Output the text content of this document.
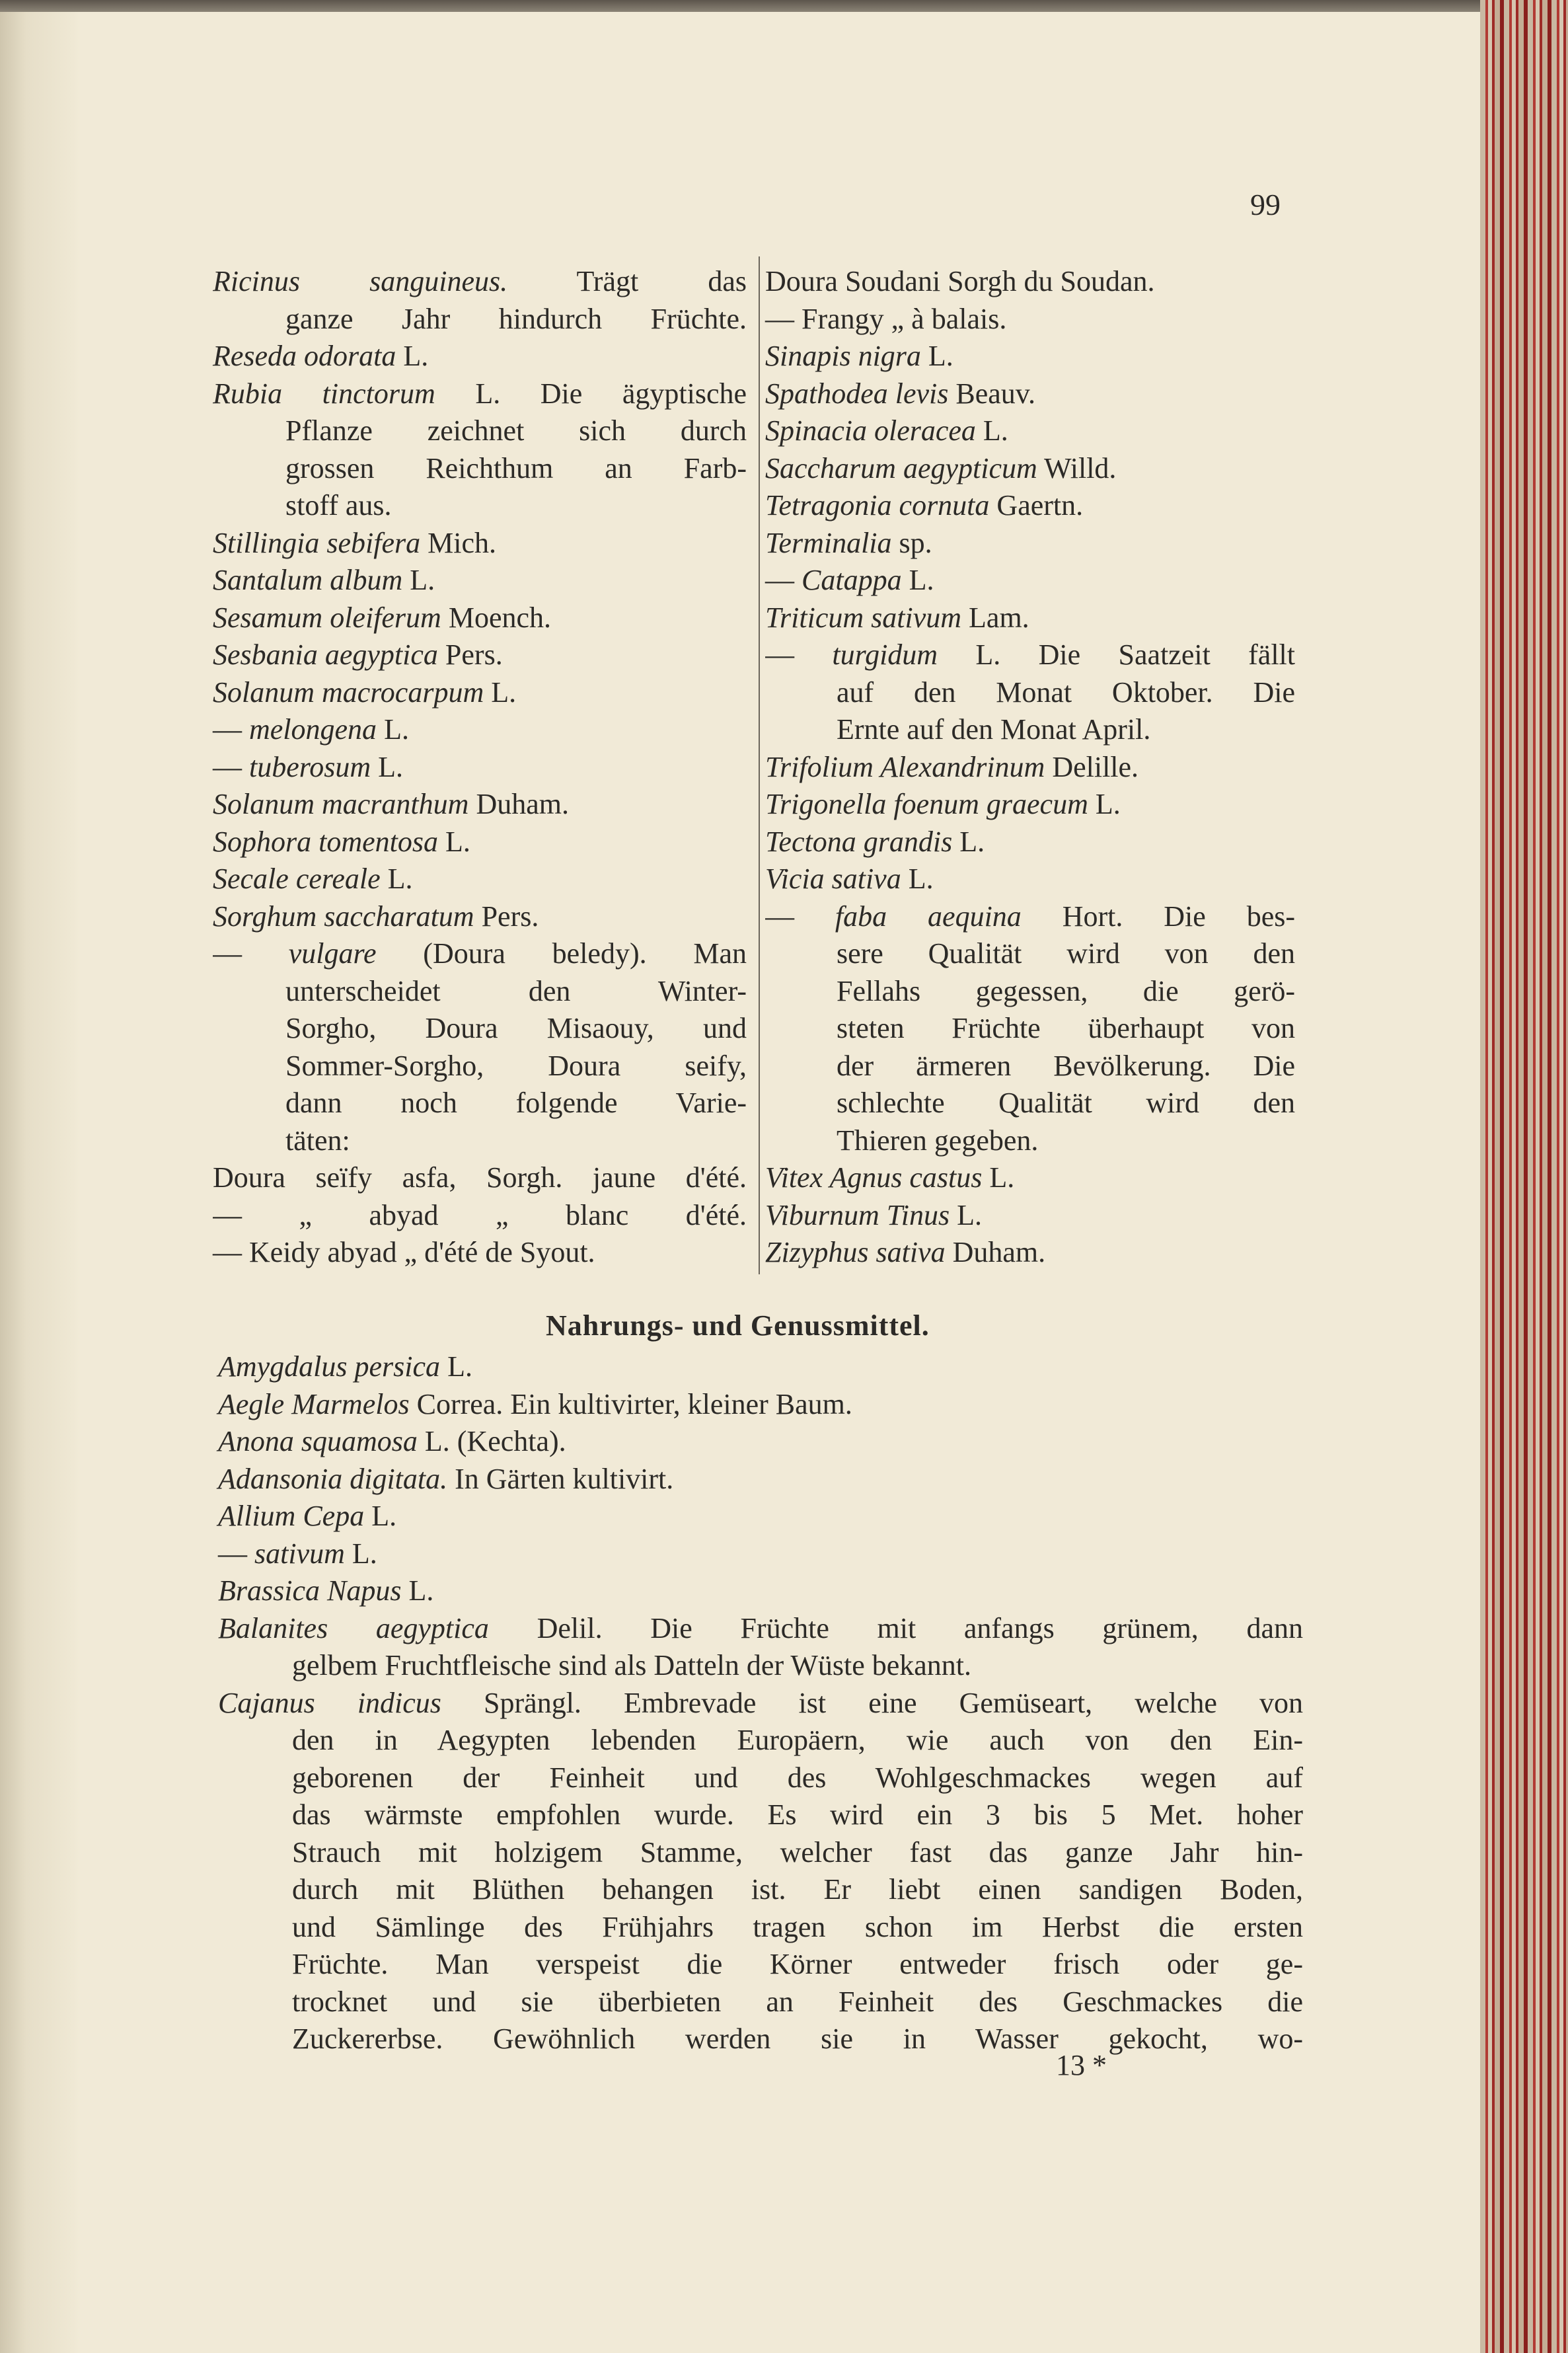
99
Ricinus sanguineus. Trägt das
ganze Jahr hindurch Früchte.
Reseda odorata L.
Rubia tinctorum L. Die ägyptische
Pflanze zeichnet sich durch
grossen Reichthum an Farb-
stoff aus.
Stillingia sebifera Mich.
Santalum album L.
Sesamum oleiferum Moench.
Sesbania aegyptica Pers.
Solanum macrocarpum L.
— melongena L.
— tuberosum L.
Solanum macranthum Duham.
Sophora tomentosa L.
Secale cereale L.
Sorghum saccharatum Pers.
— vulgare (Doura beledy). Man
unterscheidet den Winter-
Sorgho, Doura Misaouy, und
Sommer-Sorgho, Doura seify,
dann noch folgende Varie-
täten:
Doura seïfy asfa, Sorgh. jaune d'été.
— „ abyad „ blanc d'été.
— Keidy abyad „ d'été de Syout.
Doura Soudani Sorgh du Soudan.
— Frangy „ à balais.
Sinapis nigra L.
Spathodea levis Beauv.
Spinacia oleracea L.
Saccharum aegypticum Willd.
Tetragonia cornuta Gaertn.
Terminalia sp.
— Catappa L.
Triticum sativum Lam.
— turgidum L. Die Saatzeit fällt
auf den Monat Oktober. Die
Ernte auf den Monat April.
Trifolium Alexandrinum Delille.
Trigonella foenum graecum L.
Tectona grandis L.
Vicia sativa L.
— faba aequina Hort. Die bes-
sere Qualität wird von den
Fellahs gegessen, die gerö-
steten Früchte überhaupt von
der ärmeren Bevölkerung. Die
schlechte Qualität wird den
Thieren gegeben.
Vitex Agnus castus L.
Viburnum Tinus L.
Zizyphus sativa Duham.
Nahrungs- und Genussmittel.
Amygdalus persica L.
Aegle Marmelos Correa. Ein kultivirter, kleiner Baum.
Anona squamosa L. (Kechta).
Adansonia digitata. In Gärten kultivirt.
Allium Cepa L.
— sativum L.
Brassica Napus L.
Balanites aegyptica Delil. Die Früchte mit anfangs grünem, dann
gelbem Fruchtfleische sind als Datteln der Wüste bekannt.
Cajanus indicus Sprängl. Embrevade ist eine Gemüseart, welche von
den in Aegypten lebenden Europäern, wie auch von den Ein-
geborenen der Feinheit und des Wohlgeschmackes wegen auf
das wärmste empfohlen wurde. Es wird ein 3 bis 5 Met. hoher
Strauch mit holzigem Stamme, welcher fast das ganze Jahr hin-
durch mit Blüthen behangen ist. Er liebt einen sandigen Boden,
und Sämlinge des Frühjahrs tragen schon im Herbst die ersten
Früchte. Man verspeist die Körner entweder frisch oder ge-
trocknet und sie überbieten an Feinheit des Geschmackes die
Zuckererbse. Gewöhnlich werden sie in Wasser gekocht, wo-
13 *
